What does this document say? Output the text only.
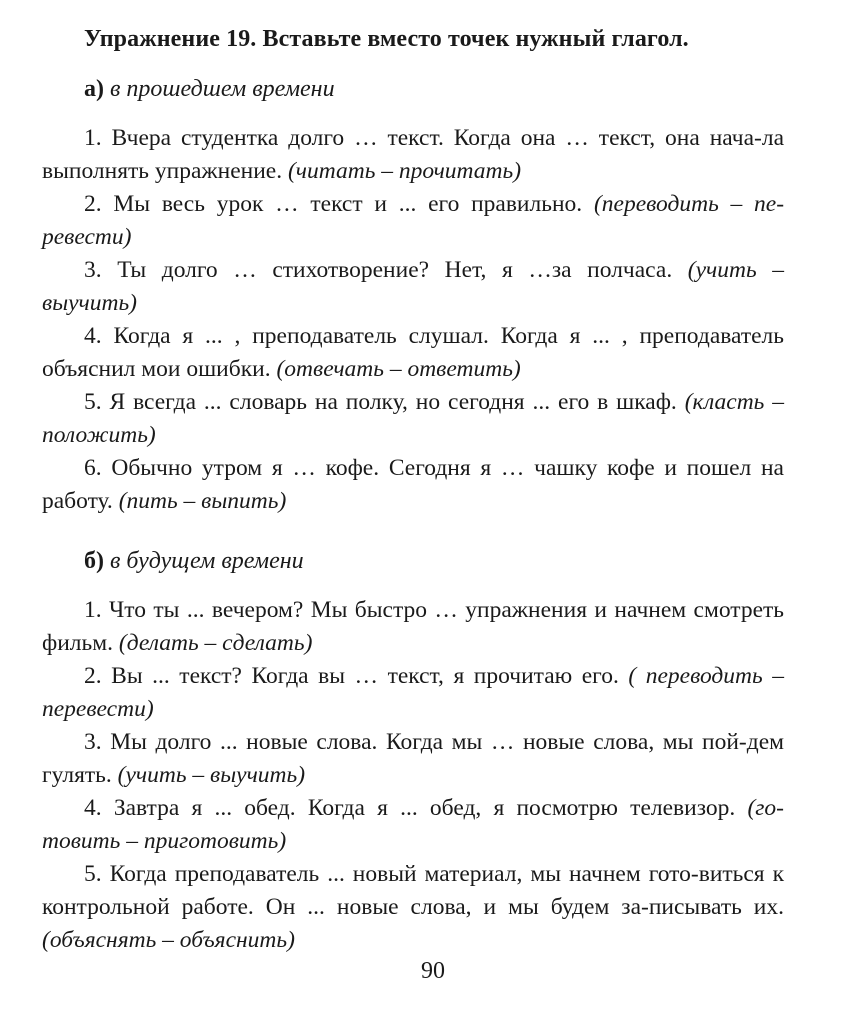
Упражнение 19. Вставьте вместо точек нужный глагол.
а) в прошедшем времени

1. Вчера студентка долго … текст. Когда она … текст, она нача-ла выполнять упражнение. (читать – прочитать)

2. Мы весь урок … текст и ... его правильно. (переводить – пе-ревести)

3. Ты долго … стихотворение? Нет, я …за полчаса. (учить – выучить)

4. Когда я ... , преподаватель слушал. Когда я ... , преподаватель объяснил мои ошибки. (отвечать – ответить)

5. Я всегда ... словарь на полку, но сегодня ... его в шкаф. (класть – положить)

6. Обычно утром я … кофе. Сегодня я … чашку кофе и пошел на работу. (пить – выпить)

б) в будущем времени

1. Что ты ... вечером? Мы быстро … упражнения и начнем смотреть фильм. (делать – сделать)

2. Вы ... текст? Когда вы … текст, я прочитаю его. ( переводить – перевести)

3. Мы долго ... новые слова. Когда мы … новые слова, мы пой-дем гулять. (учить – выучить)

4. Завтра я ... обед. Когда я ... обед, я посмотрю телевизор. (го-товить – приготовить)

5. Когда преподаватель ... новый материал, мы начнем гото-виться к контрольной работе. Он ... новые слова, и мы будем за-писывать их. (объяснять – объяснить)

90
